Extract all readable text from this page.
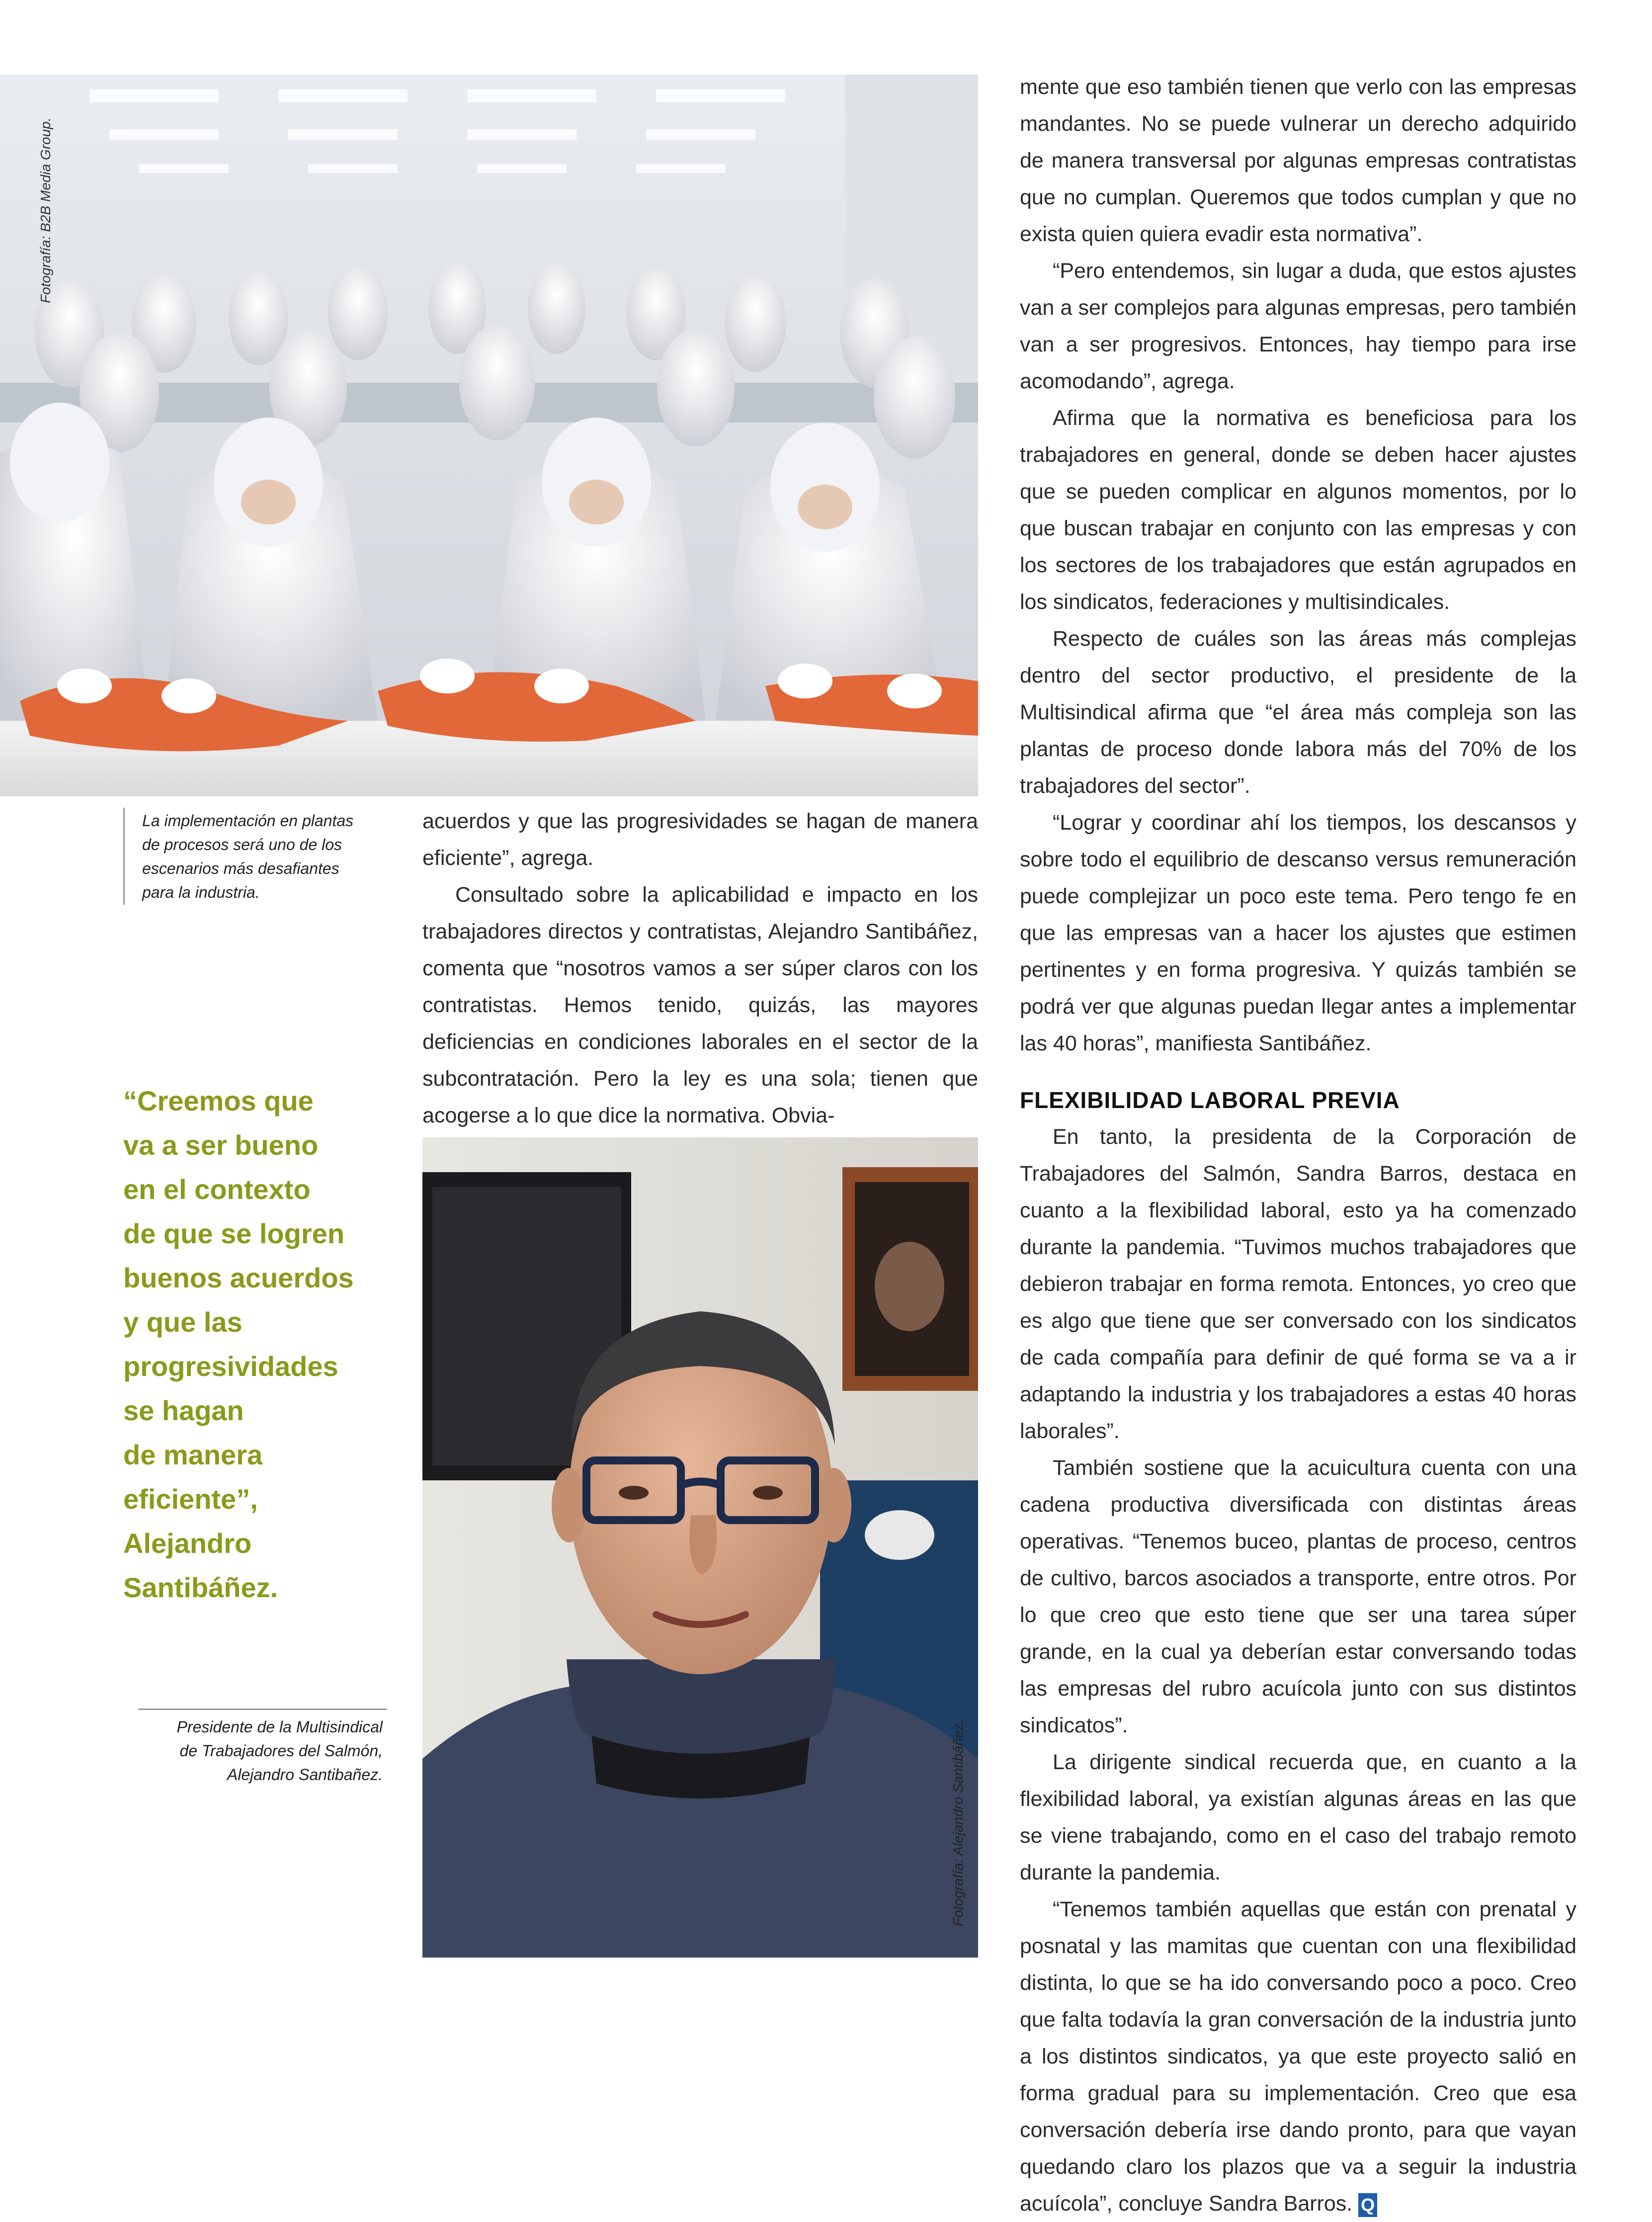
Fotografía: B2B Media Group.

La implementación en plantas

de procesos será uno de los

escenarios más desafiantes

para la industria.

“Creemos que

va a ser bueno

en el contexto

de que se logren

buenos acuerdos

y que las

progresividades

se hagan

de manera

eficiente”,

Alejandro

Santibáñez.

Presidente de la Multisindical

de Trabajadores del Salmón,

Alejandro Santibañez.

acuerdos y que las progresividades se hagan de manera eficiente”, agrega.

Consultado sobre la aplicabilidad e impacto en los trabajadores directos y contratistas, Alejandro Santibáñez, comenta que “nosotros vamos a ser súper claros con los contratistas. Hemos tenido, quizás, las mayores deficiencias en condiciones laborales en el sector de la subcontratación. Pero la ley es una sola; tienen que acogerse a lo que dice la normativa. Obvia-

Fotografía: Alejandro Santibáñez.

mente que eso también tienen que verlo con las empresas mandantes. No se puede vulnerar un derecho adquirido de manera transversal por algunas empresas contratistas que no cumplan. Queremos que todos cumplan y que no exista quien quiera evadir esta normativa”.

“Pero entendemos, sin lugar a duda, que estos ajustes van a ser complejos para algunas empresas, pero también van a ser progresivos. Entonces, hay tiempo para irse acomodando”, agrega.

Afirma que la normativa es beneficiosa para los trabajadores en general, donde se deben hacer ajustes que se pueden complicar en algunos momentos, por lo que buscan trabajar en conjunto con las empresas y con los sectores de los trabajadores que están agrupados en los sindicatos, federaciones y multisindicales.

Respecto de cuáles son las áreas más complejas dentro del sector productivo, el presidente de la Multisindical afirma que “el área más compleja son las plantas de proceso donde labora más del 70% de los trabajadores del sector”.

“Lograr y coordinar ahí los tiempos, los descansos y sobre todo el equilibrio de descanso versus remuneración puede complejizar un poco este tema. Pero tengo fe en que las empresas van a hacer los ajustes que estimen pertinentes y en forma progresiva. Y quizás también se podrá ver que algunas puedan llegar antes a implementar las 40 horas”, manifiesta Santibáñez.

FLEXIBILIDAD LABORAL PREVIA

En tanto, la presidenta de la Corporación de Trabajadores del Salmón, Sandra Barros, destaca en cuanto a la flexibilidad laboral, esto ya ha comenzado durante la pandemia. “Tuvimos muchos trabajadores que debieron trabajar en forma remota. Entonces, yo creo que es algo que tiene que ser conversado con los sindicatos de cada compañía para definir de qué forma se va a ir adaptando la industria y los trabajadores a estas 40 horas laborales”.

También sostiene que la acuicultura cuenta con una cadena productiva diversificada con distintas áreas operativas. “Tenemos buceo, plantas de proceso, centros de cultivo, barcos asociados a transporte, entre otros. Por lo que creo que esto tiene que ser una tarea súper grande, en la cual ya deberían estar conversando todas las empresas del rubro acuícola junto con sus distintos sindicatos”.

La dirigente sindical recuerda que, en cuanto a la flexibilidad laboral, ya existían algunas áreas en las que se viene trabajando, como en el caso del trabajo remoto durante la pandemia.

“Tenemos también aquellas que están con prenatal y posnatal y las mamitas que cuentan con una flexibilidad distinta, lo que se ha ido conversando poco a poco. Creo que falta todavía la gran conversación de la industria junto a los distintos sindicatos, ya que este proyecto salió en forma gradual para su implementación. Creo que esa conversación debería irse dando pronto, para que vayan quedando claro los plazos que va a seguir la industria acuícola”, concluye Sandra Barros. Q
